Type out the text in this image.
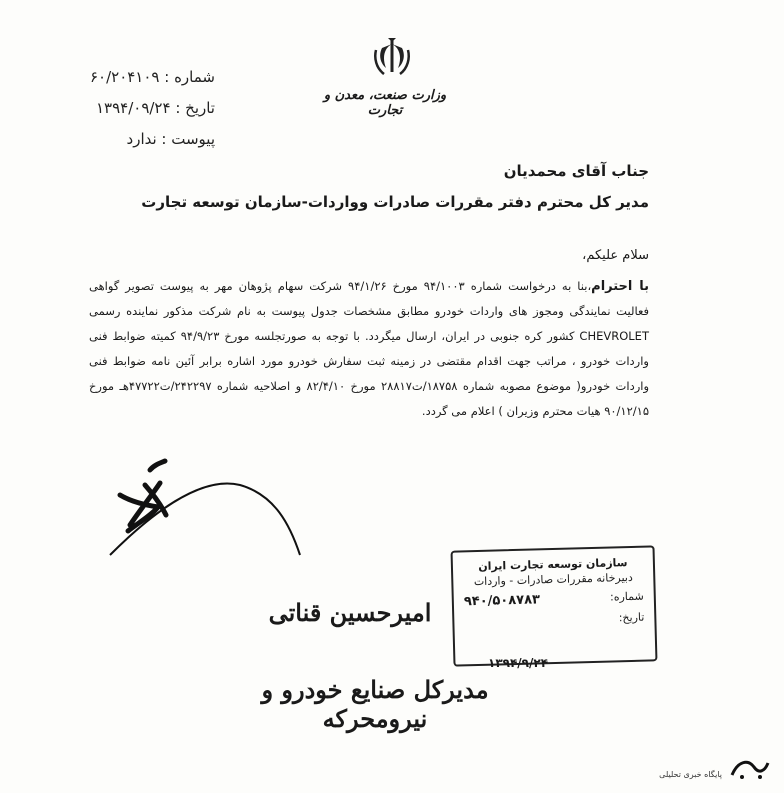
شماره : ۶۰/۲۰۴۱۰۹
تاریخ : ۱۳۹۴/۰۹/۲۴
پیوست : ندارد
وزارت صنعت، معدن و تجارت
جناب آقای محمدیان
مدیر کل محترم دفتر مقررات صادرات وواردات-سازمان توسعه تجارت
سلام علیکم،
با احترام،بنا به درخواست شماره ۹۴/۱۰۰۳ مورخ ۹۴/۱/۲۶ شرکت سهام پژوهان مهر به پیوست تصویر گواهی فعالیت نمایندگی ومجوز های واردات خودرو مطابق مشخصات جدول پیوست به نام شرکت مذکور نماینده رسمی CHEVROLET کشور کره جنوبی در ایران، ارسال میگردد. با توجه به صورتجلسه مورخ ۹۴/۹/۲۳ کمیته ضوابط فنی واردات خودرو ، مراتب جهت اقدام مقتضی در زمینه ثبت سفارش خودرو مورد اشاره برابر آئین نامه ضوابط فنی واردات خودرو( موضوع مصوبه شماره ۱۸۷۵۸/ت۲۸۸۱۷ مورخ ۸۲/۴/۱۰ و اصلاحیه شماره ۲۴۲۲۹۷/ت۴۷۷۲۲هـ مورخ ۹۰/۱۲/۱۵ هیات محترم وزیران ) اعلام می گردد.
امیرحسین قناتی
مدیرکل صنایع خودرو و نیرومحرکه
سازمان توسعه تجارت ایران
دبیرخانه مقررات صادرات - واردات
شماره:
۹۴۰/۵۰۸۷۸۳
تاریخ:
۱۳۹۴/۹/۲۴
پایگاه خبری تحلیلی
